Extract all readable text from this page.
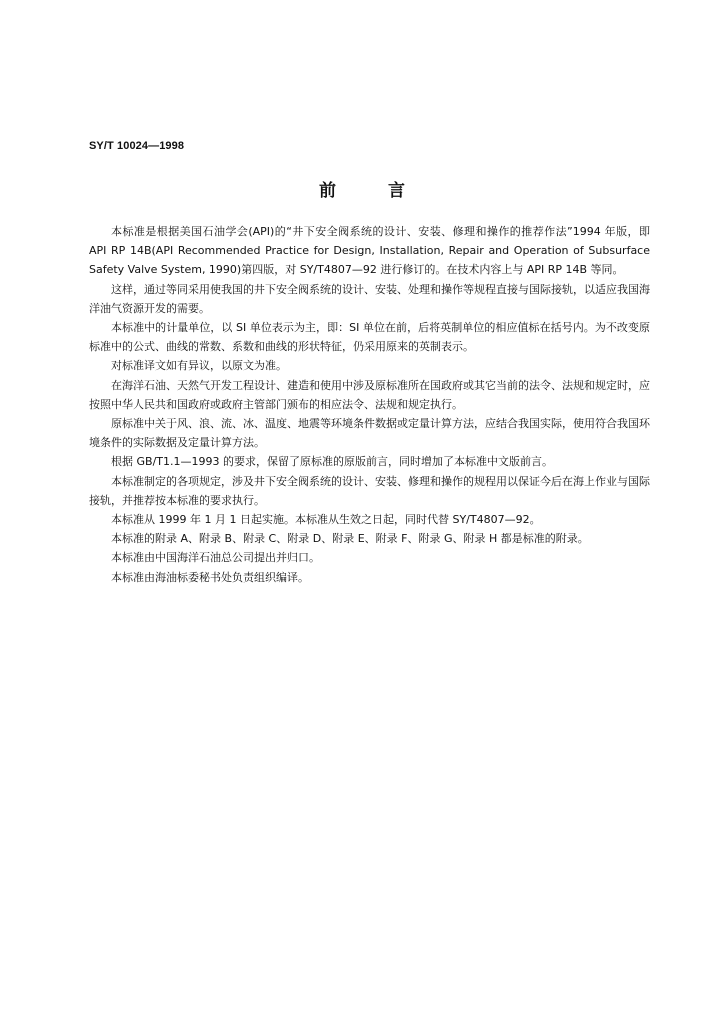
SY/T 10024—1998
前	言

本标准是根据美国石油学会(API)的“井下安全阀系统的设计、安装、修理和操作的推荐作法”1994 年版，即 API RP 14B(API Recommended Practice for Design, Installation, Repair and Operation of Subsurface Safety Valve System, 1990)第四版，对 SY/T4807—92 进行修订的。在技术内容上与 API RP 14B 等同。

这样，通过等同采用使我国的井下安全阀系统的设计、安装、处理和操作等规程直接与国际接轨，以适应我国海洋油气资源开发的需要。

本标准中的计量单位，以 SI 单位表示为主，即：SI 单位在前，后将英制单位的相应值标在括号内。为不改变原标准中的公式、曲线的常数、系数和曲线的形状特征，仍采用原来的英制表示。

对标准译文如有异议，以原文为准。

在海洋石油、天然气开发工程设计、建造和使用中涉及原标准所在国政府或其它当前的法令、法规和规定时，应按照中华人民共和国政府或政府主管部门颁布的相应法令、法规和规定执行。

原标准中关于风、浪、流、冰、温度、地震等环境条件数据或定量计算方法，应结合我国实际，使用符合我国环境条件的实际数据及定量计算方法。

根据 GB/T1.1—1993 的要求，保留了原标准的原版前言，同时增加了本标准中文版前言。

本标准制定的各项规定，涉及井下安全阀系统的设计、安装、修理和操作的规程用以保证今后在海上作业与国际接轨，并推荐按本标准的要求执行。

本标准从 1999 年 1 月 1 日起实施。本标准从生效之日起，同时代替 SY/T4807—92。

本标准的附录 A、附录 B、附录 C、附录 D、附录 E、附录 F、附录 G、附录 H 都是标准的附录。

本标准由中国海洋石油总公司提出并归口。

本标准由海油标委秘书处负责组织编译。
